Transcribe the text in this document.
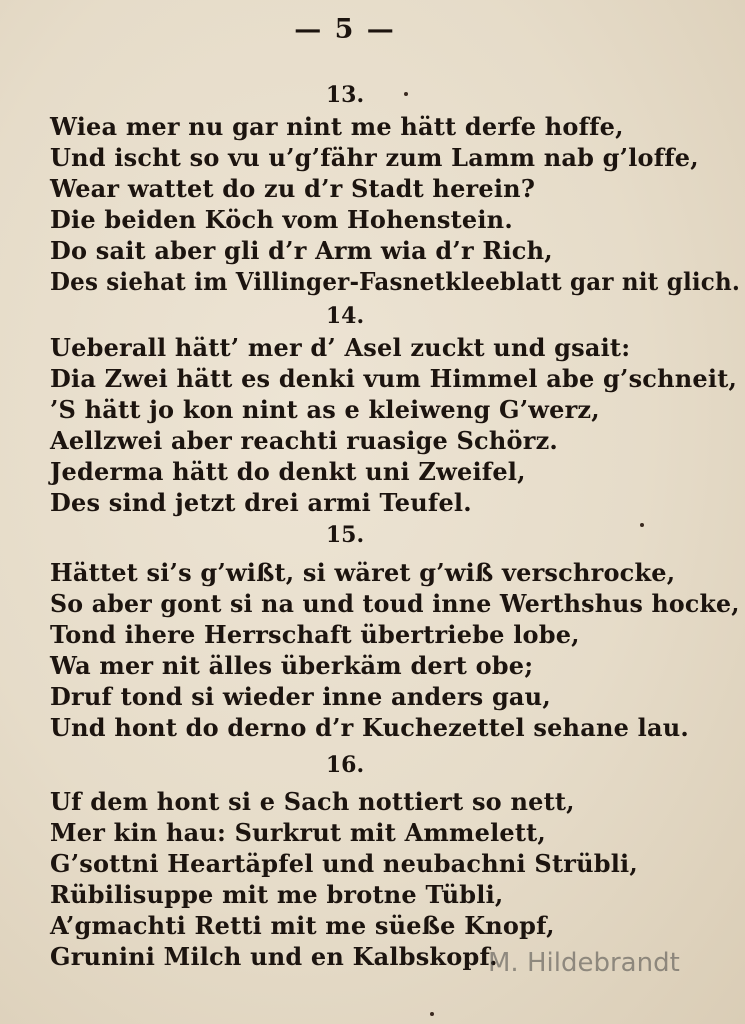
— 5 —
13.
Wiea mer nu gar nint me hätt derfe hoffe,
Und ischt so vu u’g’fähr zum Lamm nab g’loffe,
Wear wattet do zu d’r Stadt herein?
Die beiden Köch vom Hohenstein.
Do sait aber gli d’r Arm wia d’r Rich,
Des siehat im Villinger-Fasnetkleeblatt gar nit glich.
14.
Ueberall hätt’ mer d’ Asel zuckt und gsait:
Dia Zwei hätt es denki vum Himmel abe g’schneit,
’S hätt jo kon nint as e kleiweng G’werz,
Aellzwei aber reachti ruasige Schörz.
Jederma hätt do denkt uni Zweifel,
Des sind jetzt drei armi Teufel.
15.
Hättet si’s g’wißt, si wäret g’wiß verschrocke,
So aber gont si na und toud inne Werthshus hocke,
Tond ihere Herrschaft übertriebe lobe,
Wa mer nit älles überkäm dert obe;
Druf tond si wieder inne anders gau,
Und hont do derno d’r Kuchezettel sehane lau.
16.
Uf dem hont si e Sach nottiert so nett,
Mer kin hau: Surkrut mit Ammelett,
G’sottni Heartäpfel und neubachni Strübli,
Rübilisuppe mit me brotne Tübli,
A’gmachti Retti mit me süeße Knopf,
Grunini Milch und en Kalbskopf.
M. Hildebrandt
